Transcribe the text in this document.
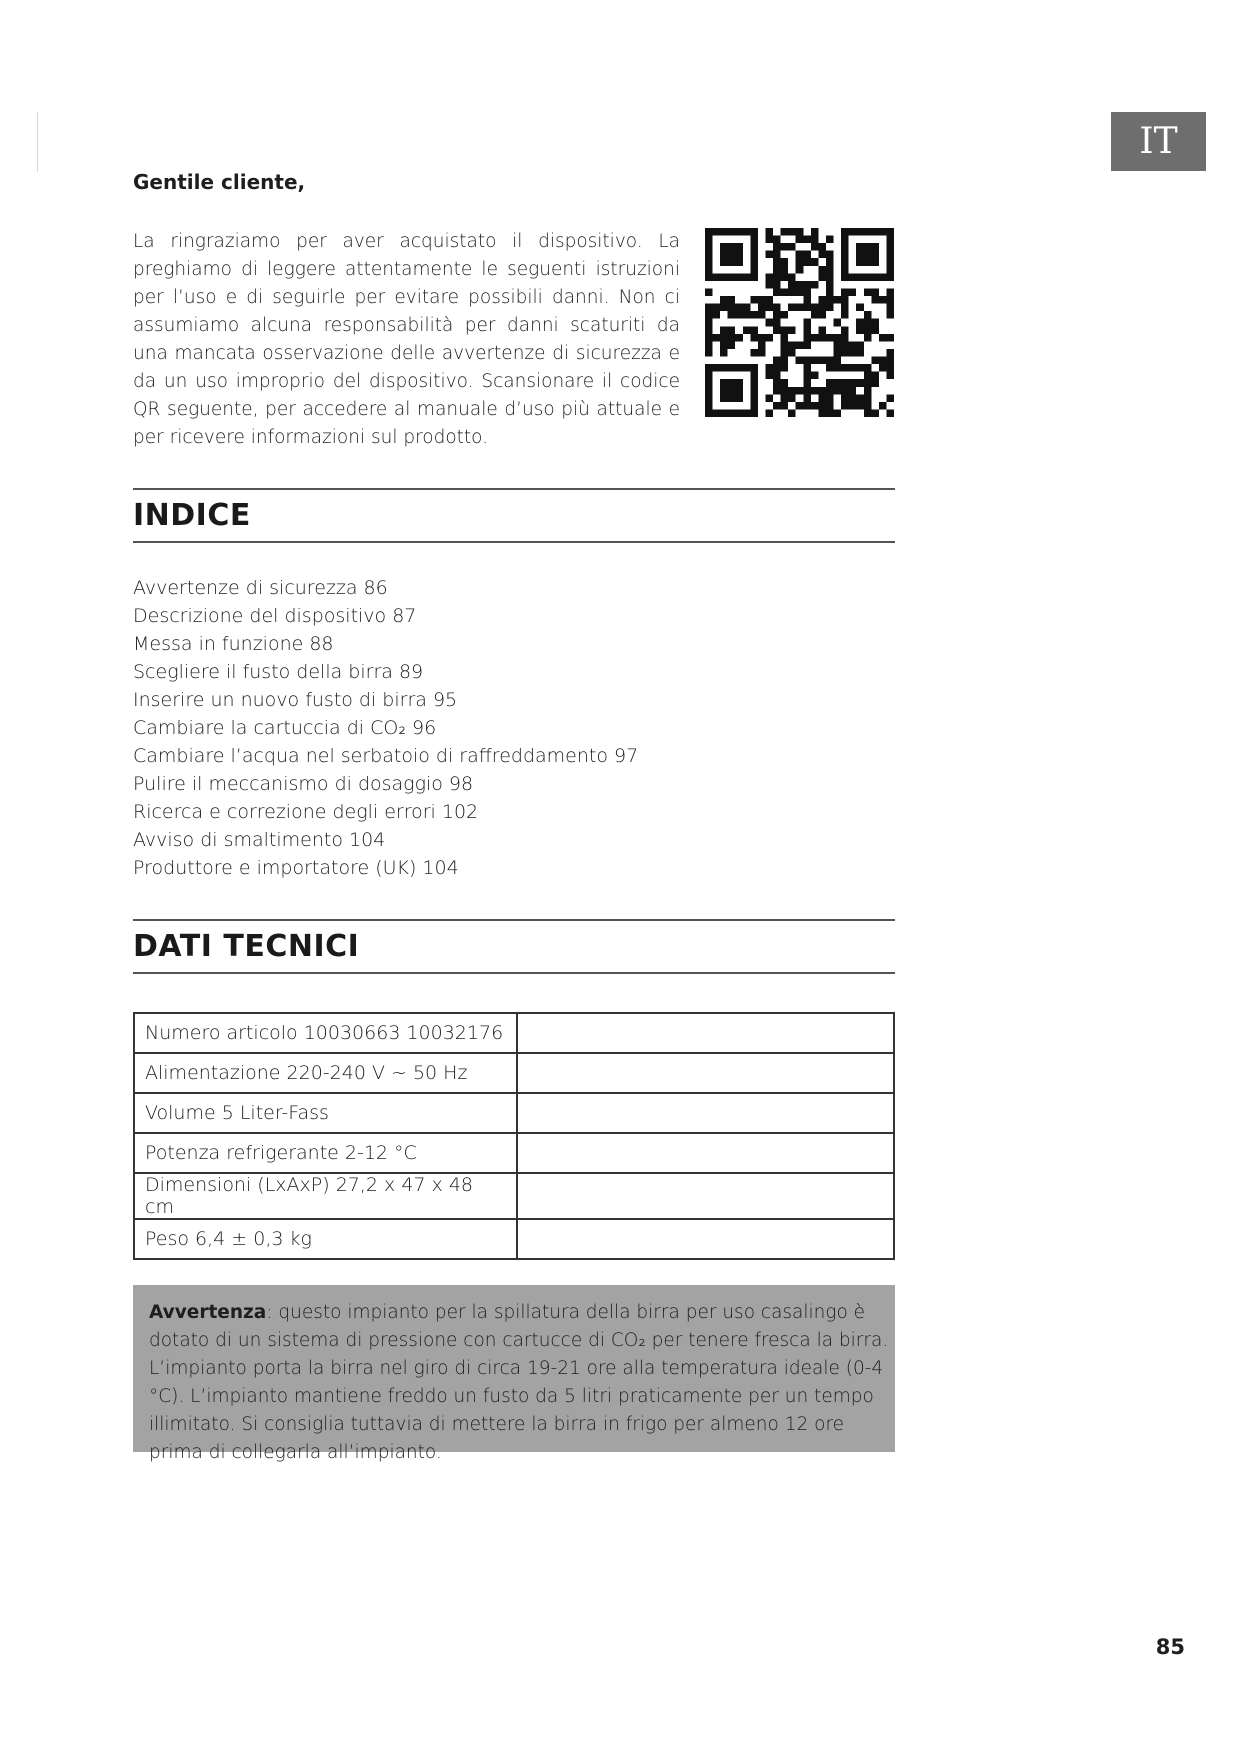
IT

Gentile cliente,

La ringraziamo per aver acquistato il dispositivo. La preghiamo di leggere attentamente le seguenti istruzioni per l’uso e di seguirle per evitare possibili danni. Non ci assumiamo alcuna responsabilità per danni scaturiti da una mancata osservazione delle avvertenze di sicurezza e da un uso improprio del dispositivo. Scansionare il codice QR seguente, per accedere al manuale d’uso più attuale e per ricevere informazioni sul prodotto.

INDICE
Avvertenze di sicurezza 86
Descrizione del dispositivo 87
Messa in funzione 88
Scegliere il fusto della birra 89
Inserire un nuovo fusto di birra 95
Cambiare la cartuccia di CO₂ 96
Cambiare l’acqua nel serbatoio di raffreddamento 97
Pulire il meccanismo di dosaggio 98
Ricerca e correzione degli errori 102
Avviso di smaltimento 104
Produttore e importatore (UK) 104
DATI TECNICI
Numero articolo 10030663 10032176	
Alimentazione 220-240 V ~ 50 Hz	
Volume 5 Liter-Fass	
Potenza refrigerante 2-12 °C	
Dimensioni (LxAxP) 27,2 x 47 x 48 cm	
Peso 6,4 ± 0,3 kg	

Avvertenza: questo impianto per la spillatura della birra per uso casalingo è dotato di un sistema di pressione con cartucce di CO₂ per tenere fresca la birra. L’impianto porta la birra nel giro di circa 19-21 ore alla temperatura ideale (0-4 °C). L’impianto mantiene freddo un fusto da 5 litri praticamente per un tempo illimitato. Si consiglia tuttavia di mettere la birra in frigo per almeno 12 ore prima di collegarla all’impianto.

85
